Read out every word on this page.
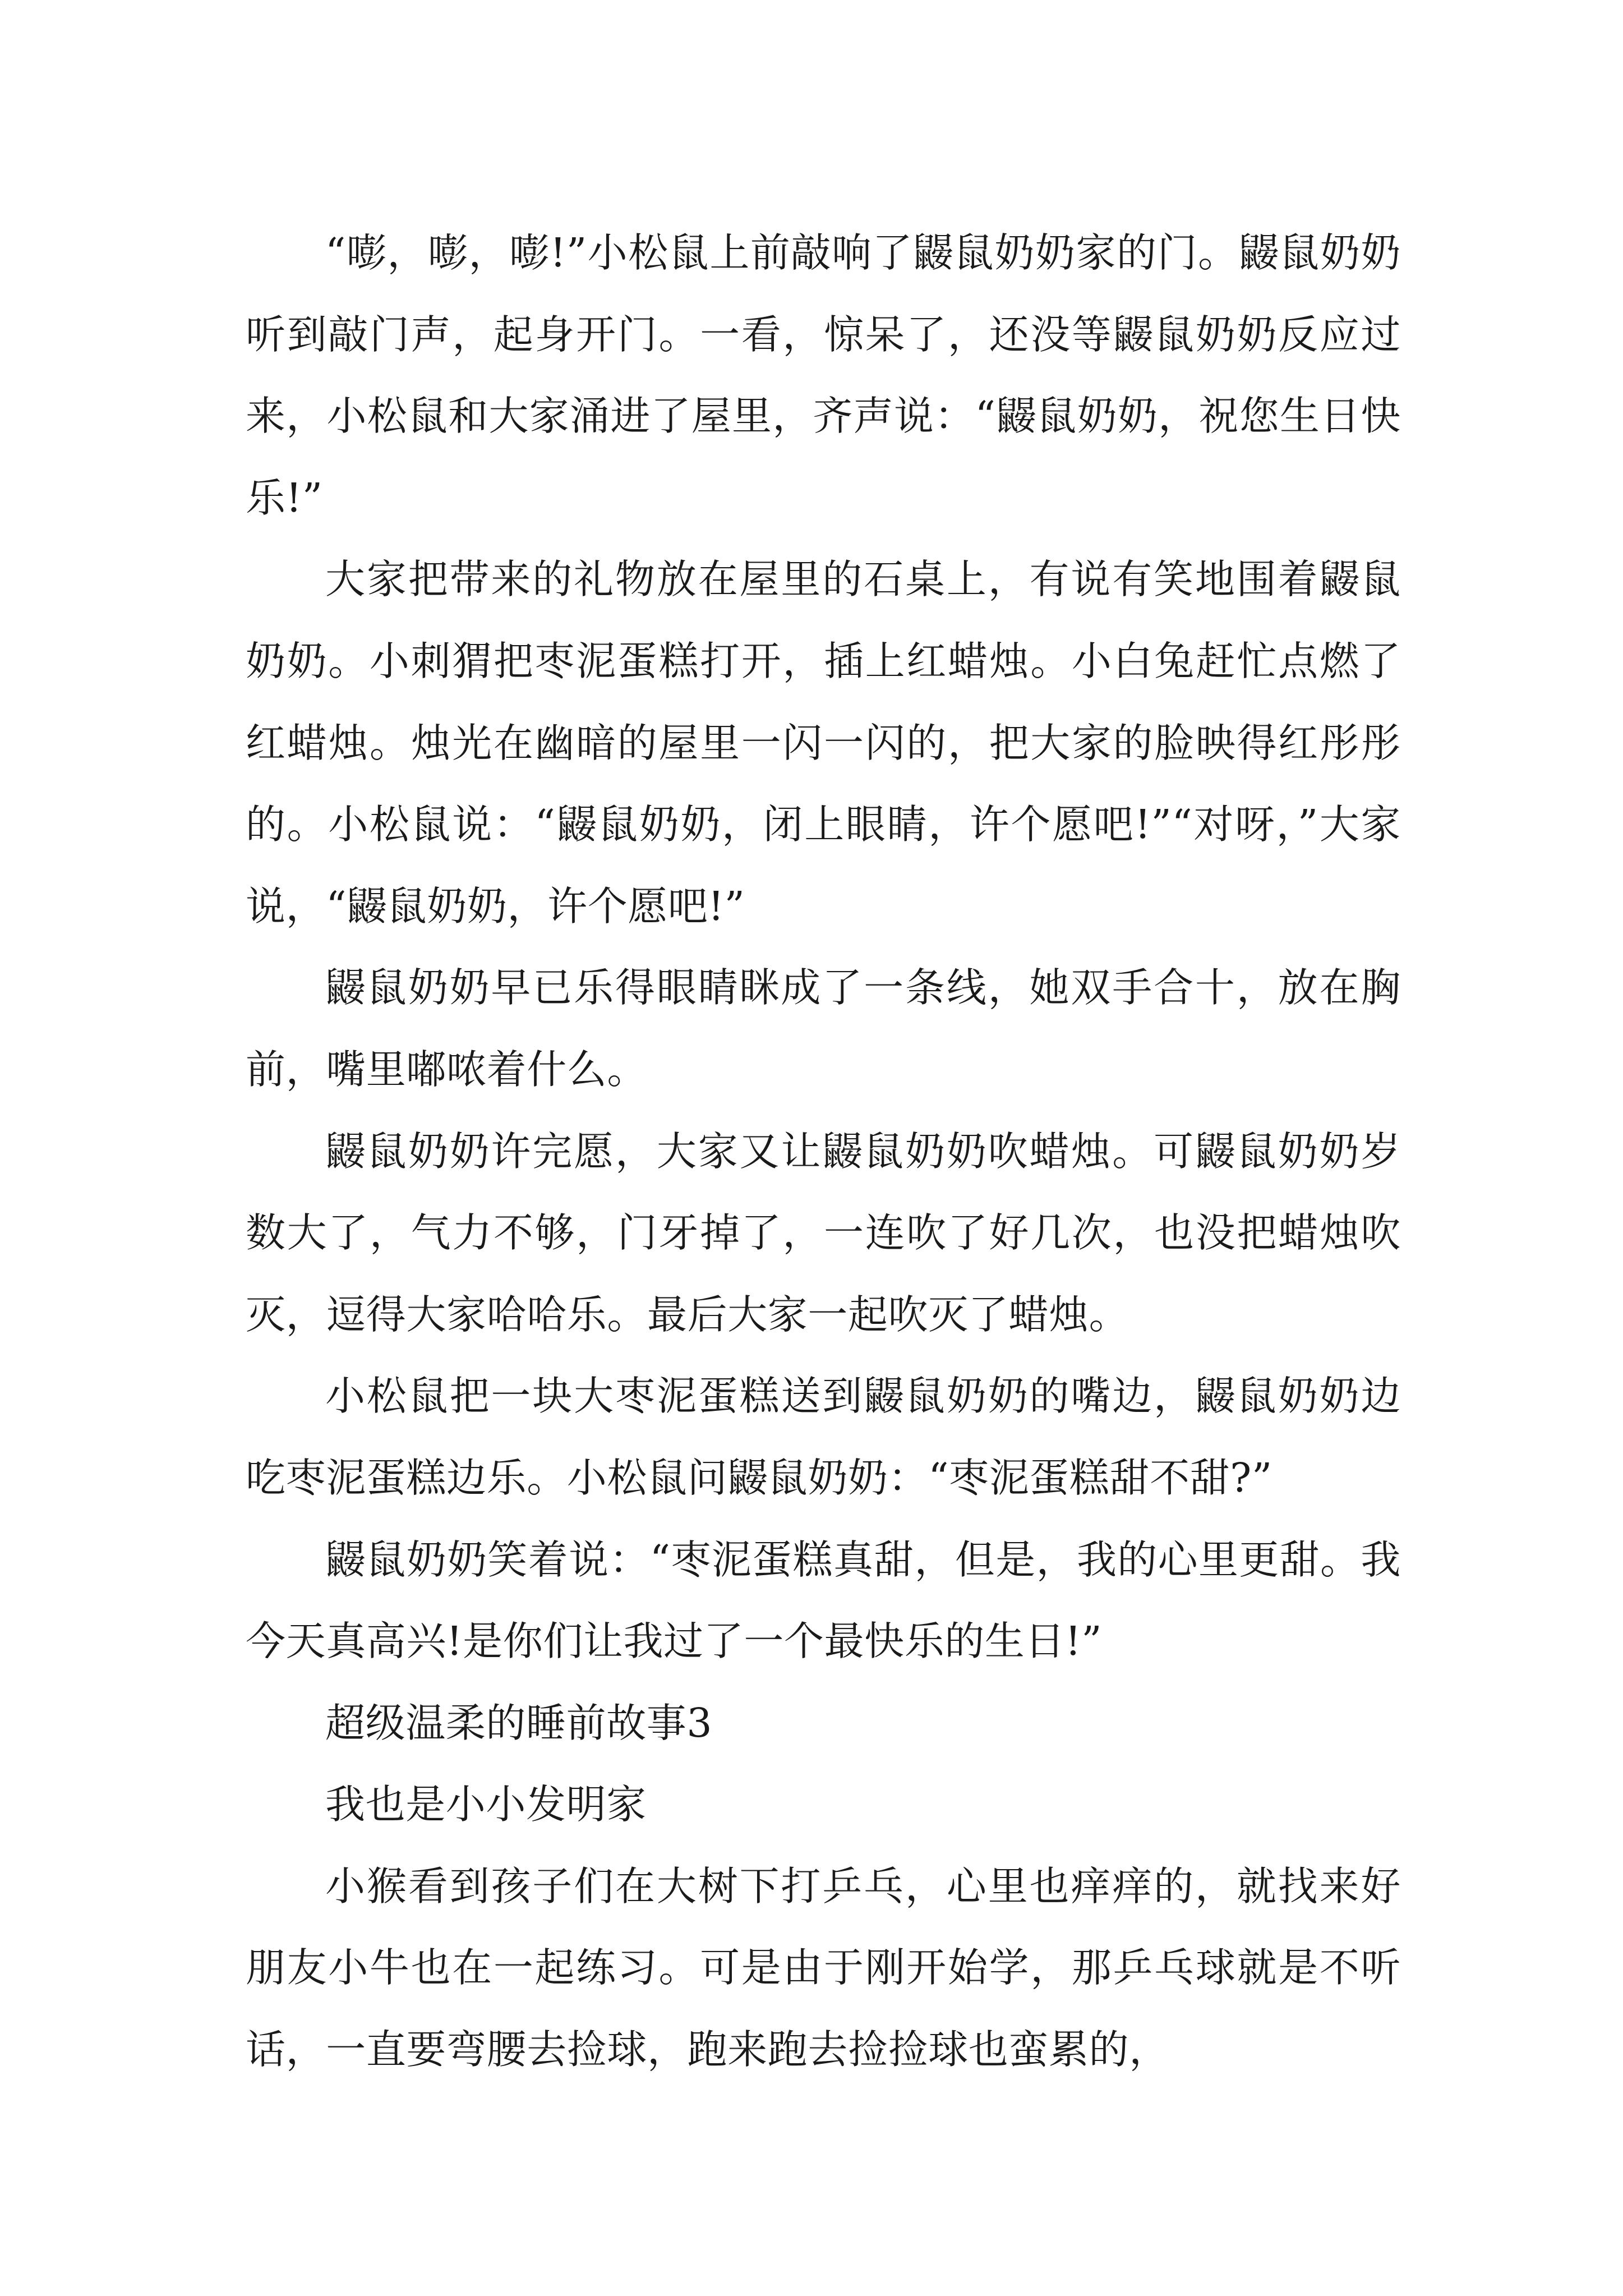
“嘭，嘭，嘭!”小松鼠上前敲响了鼹鼠奶奶家的门。鼹鼠奶奶听到敲门声，起身开门。一看，惊呆了，还没等鼹鼠奶奶反应过来，小松鼠和大家涌进了屋里，齐声说：“鼹鼠奶奶，祝您生日快乐!”

大家把带来的礼物放在屋里的石桌上，有说有笑地围着鼹鼠奶奶。小刺猬把枣泥蛋糕打开，插上红蜡烛。小白兔赶忙点燃了红蜡烛。烛光在幽暗的屋里一闪一闪的，把大家的脸映得红彤彤的。小松鼠说：“鼹鼠奶奶，闭上眼睛，许个愿吧!”“对呀，”大家说，“鼹鼠奶奶，许个愿吧!”

鼹鼠奶奶早已乐得眼睛眯成了一条线，她双手合十，放在胸前，嘴里嘟哝着什么。

鼹鼠奶奶许完愿，大家又让鼹鼠奶奶吹蜡烛。可鼹鼠奶奶岁数大了，气力不够，门牙掉了，一连吹了好几次，也没把蜡烛吹灭，逗得大家哈哈乐。最后大家一起吹灭了蜡烛。

小松鼠把一块大枣泥蛋糕送到鼹鼠奶奶的嘴边，鼹鼠奶奶边吃枣泥蛋糕边乐。小松鼠问鼹鼠奶奶：“枣泥蛋糕甜不甜?”

鼹鼠奶奶笑着说：“枣泥蛋糕真甜，但是，我的心里更甜。我今天真高兴!是你们让我过了一个最快乐的生日!”

超级温柔的睡前故事3

我也是小小发明家

小猴看到孩子们在大树下打乒乓，心里也痒痒的，就找来好朋友小牛也在一起练习。可是由于刚开始学，那乒乓球就是不听话，一直要弯腰去捡球，跑来跑去捡捡球也蛮累的，
